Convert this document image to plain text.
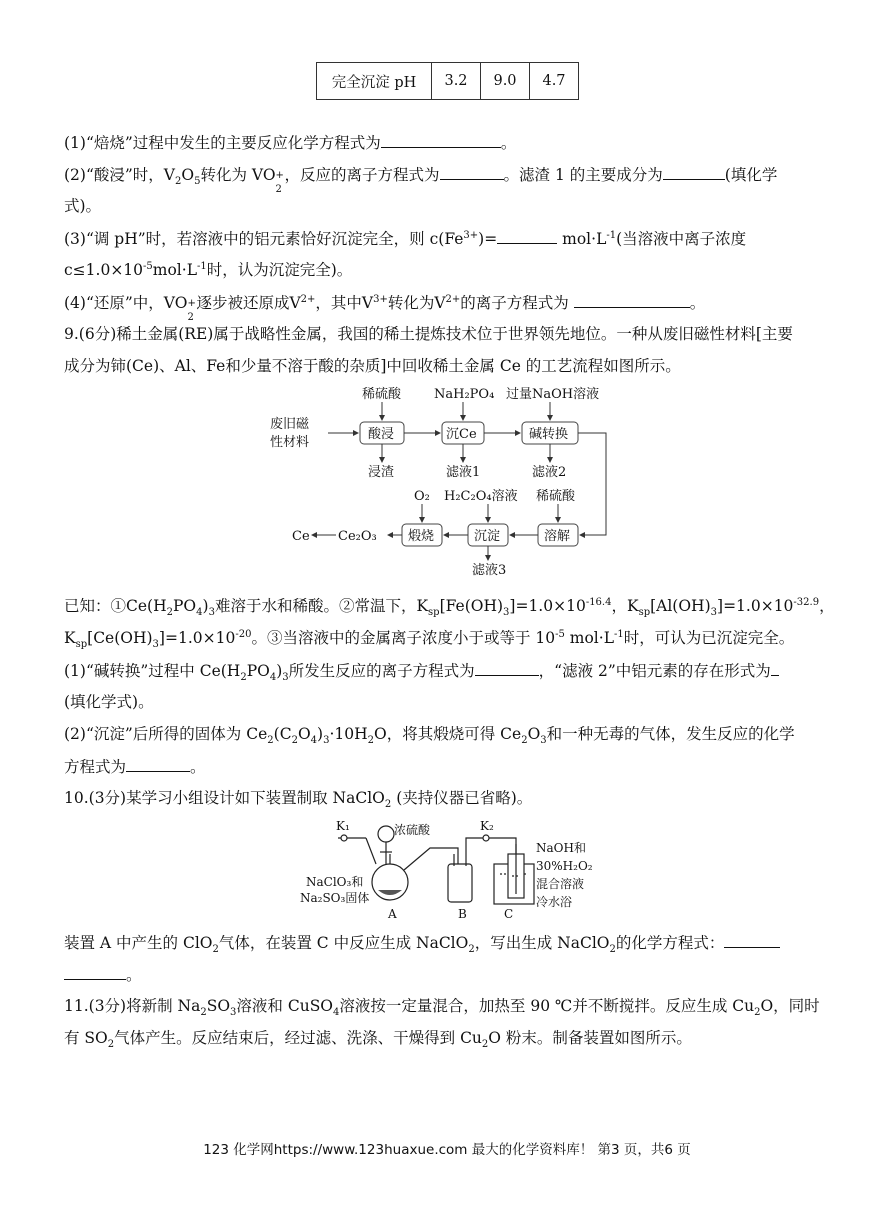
完全沉淀 pH	3.2	9.0	4.7
(1)“焙烧”过程中发生的主要反应化学方程式为	。
(2)“酸浸”时，$V_2O_5$转化为 VO +
2
，反应的离子方程式为	。滤渣 1 的主要成分为	(填化学
式)。
(3)“调 pH”时，若溶液中的铝元素恰好沉淀完全，则 $c(Fe^{3+})=$	$mol\cdot L^{-1}$(当溶液中离子浓度
$c\le 1.0\times 10^{-5}mol\cdot L^{-1}$时，认为沉淀完全)。
(4)“还原”中，VO +
2
逐步被还原成$V^{2+}$，其中$V^{3+}$转化为$V^{2+}$的离子方程式为	。
9.(6分)稀土金属(RE)属于战略性金属，我国的稀土提炼技术位于世界领先地位。一种从废旧磁性材料[主要
成分为铈(Ce)、Al、Fe和少量不溶于酸的杂质]中回收稀土金属 Ce 的工艺流程如图所示。
废旧磁
性材料
酸浸	沉Ce	碱转换
稀硫酸	NaH₂PO₄ 过量NaOH溶液
浸渣	滤液1	滤液2
溶解
沉淀
煅烧
O₂ H₂C₂O₄溶液 稀硫酸
滤液3
Ce₂O₃
Ce
已知：$①Ce(H_2PO_4)_3$难溶于水和稀酸。②常温下，$K_{sp}[Fe(OH)_3]=1.0\times 10^{-16.4}$，$K_{sp}[Al(OH)_3]=1.0\times 10^{-32.9}$，
$K_{sp}[Ce(OH)_3]=1.0\times 10^{-20}$。③当溶液中的金属离子浓度小于或等于 $10^{-5}$ $mol\cdot L^{-1}$时，可认为已沉淀完全。
(1)“碱转换”过程中 $Ce(H_2PO_4)_3$所发生反应的离子方程式为	，“滤液 2”中铝元素的存在形式为
(填化学式)。
(2)“沉淀”后所得的固体为 $Ce_2(C_2O_4)_3\cdot 10H_2O$，将其煅烧可得 $Ce_2O_3$和一种无毒的气体，发生反应的化学
方程式为	。
10.(3分)某学习小组设计如下装置制取 NaClO$_2$ (夹持仪器已省略)。
K₁	K₂
浓硫酸
NaClO₃和
Na₂SO₃固体
NaOH和
30%H₂O₂
混合溶液
冷水浴
A	B	C
装置 A 中产生的 ClO$_2$气体，在装置 C 中反应生成 NaClO$_2$，写出生成 NaClO$_2$的化学方程式：
。
11.(3分)将新制 $Na_2SO_3$溶液和 CuSO$_4$溶液按一定量混合，加热至 90 ℃并不断搅拌。反应生成 $Cu_2O$，同时
有 $SO_2$气体产生。反应结束后，经过滤、洗涤、干燥得到 $Cu_2O$ 粉末。制备装置如图所示。
123 化学网https://www.123huaxue.com 最大的化学资料库！ 第3 页，共6 页
